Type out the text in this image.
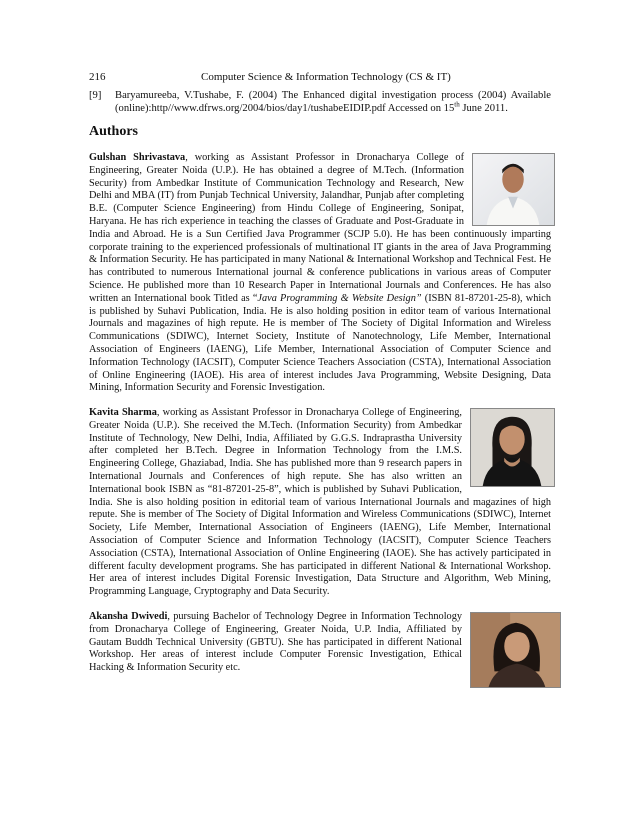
216	Computer Science & Information Technology (CS & IT)
[9] Baryamureeba, V.Tushabe, F. (2004) The Enhanced digital investigation process (2004) Available (online):http//www.dfrws.org/2004/bios/day1/tushabeEIDIP.pdf Accessed on 15th June 2011.
Authors

Gulshan Shrivastava, working as Assistant Professor in Dronacharya College of Engineering, Greater Noida (U.P.). He has obtained a degree of M.Tech. (Information Security) from Ambedkar Institute of Communication Technology and Research, New Delhi and MBA (IT) from Punjab Technical University, Jalandhar, Punjab after completing B.E. (Computer Science Engineering) from Hindu College of Engineering, Sonipat, Haryana. He has rich experience in teaching the classes of Graduate and Post-Graduate in India and Abroad. He is a Sun Certified Java Programmer (SCJP 5.0). He has been continuously imparting corporate training to the experienced professionals of multinational IT giants in the area of Java Programming & Information Security. He has participated in many National & International Workshop and Technical Fest. He has contributed to numerous International journal & conference publications in various areas of Computer Science. He published more than 10 Research Paper in International Journals and Conferences. He has also written an International book Titled as “Java Programming & Website Design” (ISBN 81-87201-25-8), which is published by Suhavi Publication, India. He is also holding position in editor team of various International Journals and magazines of high repute. He is member of The Society of Digital Information and Wireless Communications (SDIWC), Internet Society, Institute of Nanotechnology, Life Member, International Association of Engineers (IAENG), Life Member, International Association of Computer Science and Information Technology (IACSIT), Computer Science Teachers Association (CSTA), International Association of Online Engineering (IAOE). His area of interest includes Java Programming, Website Designing, Data Mining, Information Security and Forensic Investigation.

Kavita Sharma, working as Assistant Professor in Dronacharya College of Engineering, Greater Noida (U.P.). She received the M.Tech. (Information Security) from Ambedkar Institute of Technology, New Delhi, India, Affiliated by G.G.S. Indraprastha University after completed her B.Tech. Degree in Information Technology from the I.M.S. Engineering College, Ghaziabad, India. She has published more than 9 research papers in International Journals and Conferences of high repute. She has also written an International book ISBN as “81-87201-25-8”, which is published by Suhavi Publication, India. She is also holding position in editorial team of various International Journals and magazines of high repute. She is member of The Society of Digital Information and Wireless Communications (SDIWC), Internet Society, Life Member, International Association of Engineers (IAENG), Life Member, International Association of Computer Science and Information Technology (IACSIT), Computer Science Teachers Association (CSTA), International Association of Online Engineering (IAOE). She has actively participated in different faculty development programs. She has participated in different National & International Workshop. Her area of interest includes Digital Forensic Investigation, Data Structure and Algorithm, Web Mining, Programming Language, Cryptography and Data Security.

Akansha Dwivedi, pursuing Bachelor of Technology Degree in Information Technology from Dronacharya College of Engineering, Greater Noida, U.P. India, Affiliated by Gautam Buddh Technical University (GBTU). She has participated in different National Workshop. Her areas of interest include Computer Forensic Investigation, Ethical Hacking & Information Security etc.
